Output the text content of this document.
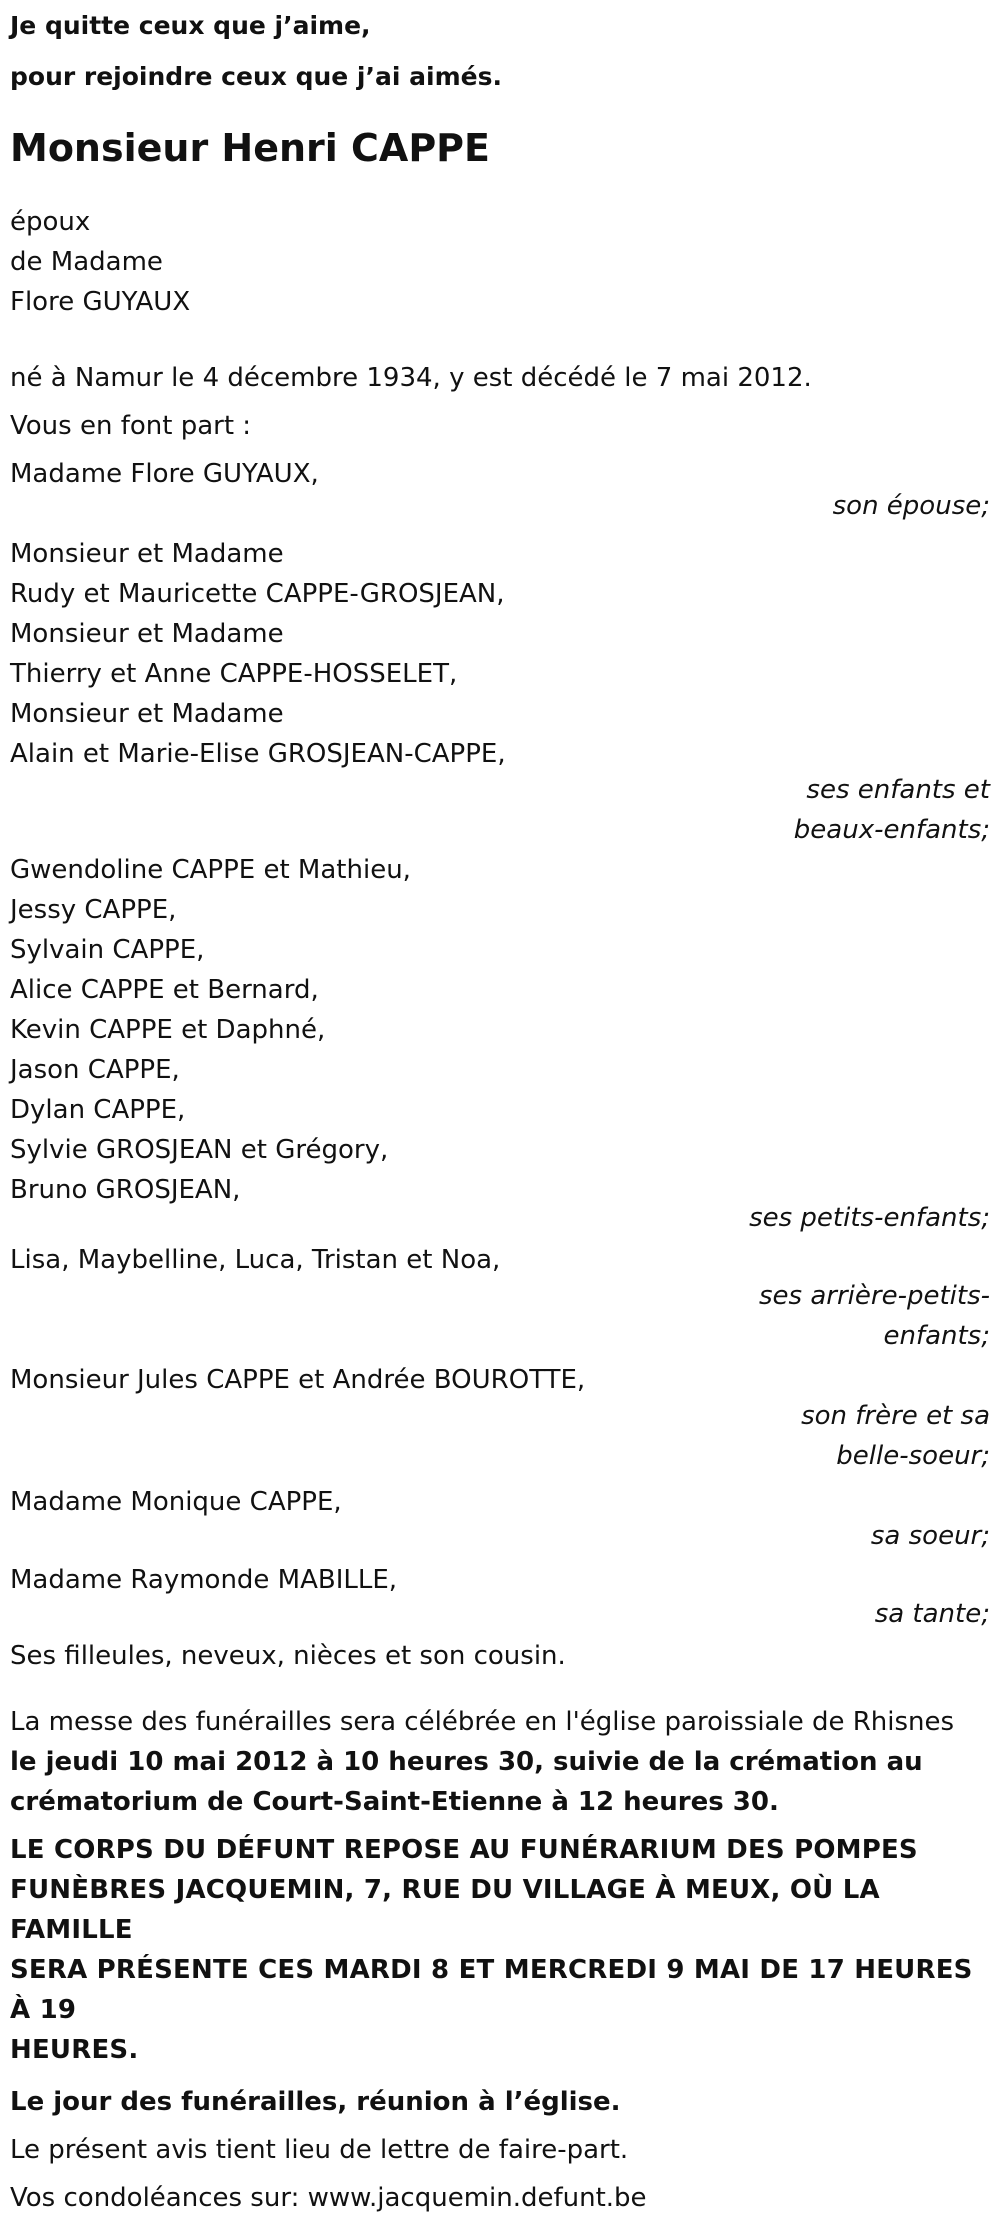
Je quitte ceux que j’aime,
pour rejoindre ceux que j’ai aimés.
Monsieur Henri CAPPE
époux
de Madame
Flore GUYAUX
né à Namur le 4 décembre 1934, y est décédé le 7 mai 2012.
Vous en font part :
Madame Flore GUYAUX,
son épouse;
Monsieur et Madame
Rudy et Mauricette CAPPE-GROSJEAN,
Monsieur et Madame
Thierry et Anne CAPPE-HOSSELET,
Monsieur et Madame
Alain et Marie-Elise GROSJEAN-CAPPE,
ses enfants et
beaux-enfants;
Gwendoline CAPPE et Mathieu,
Jessy CAPPE,
Sylvain CAPPE,
Alice CAPPE et Bernard,
Kevin CAPPE et Daphné,
Jason CAPPE,
Dylan CAPPE,
Sylvie GROSJEAN et Grégory,
Bruno GROSJEAN,
ses petits-enfants;
Lisa, Maybelline, Luca, Tristan et Noa,
ses arrière-petits-
enfants;
Monsieur Jules CAPPE et Andrée BOUROTTE,
son frère et sa
belle-soeur;
Madame Monique CAPPE,
sa soeur;
Madame Raymonde MABILLE,
sa tante;
Ses filleules, neveux, nièces et son cousin.
La messe des funérailles sera célébrée en l'église paroissiale de Rhisnes
le jeudi 10 mai 2012 à 10 heures 30, suivie de la crémation au
crématorium de Court-Saint-Etienne à 12 heures 30.
LE CORPS DU DÉFUNT REPOSE AU FUNÉRARIUM DES POMPES
FUNÈBRES JACQUEMIN, 7, RUE DU VILLAGE À MEUX, OÙ LA FAMILLE
SERA PRÉSENTE CES MARDI 8 ET MERCREDI 9 MAI DE 17 HEURES À 19
HEURES.
Le jour des funérailles, réunion à l’église.
Le présent avis tient lieu de lettre de faire-part.
Vos condoléances sur: www.jacquemin.defunt.be
